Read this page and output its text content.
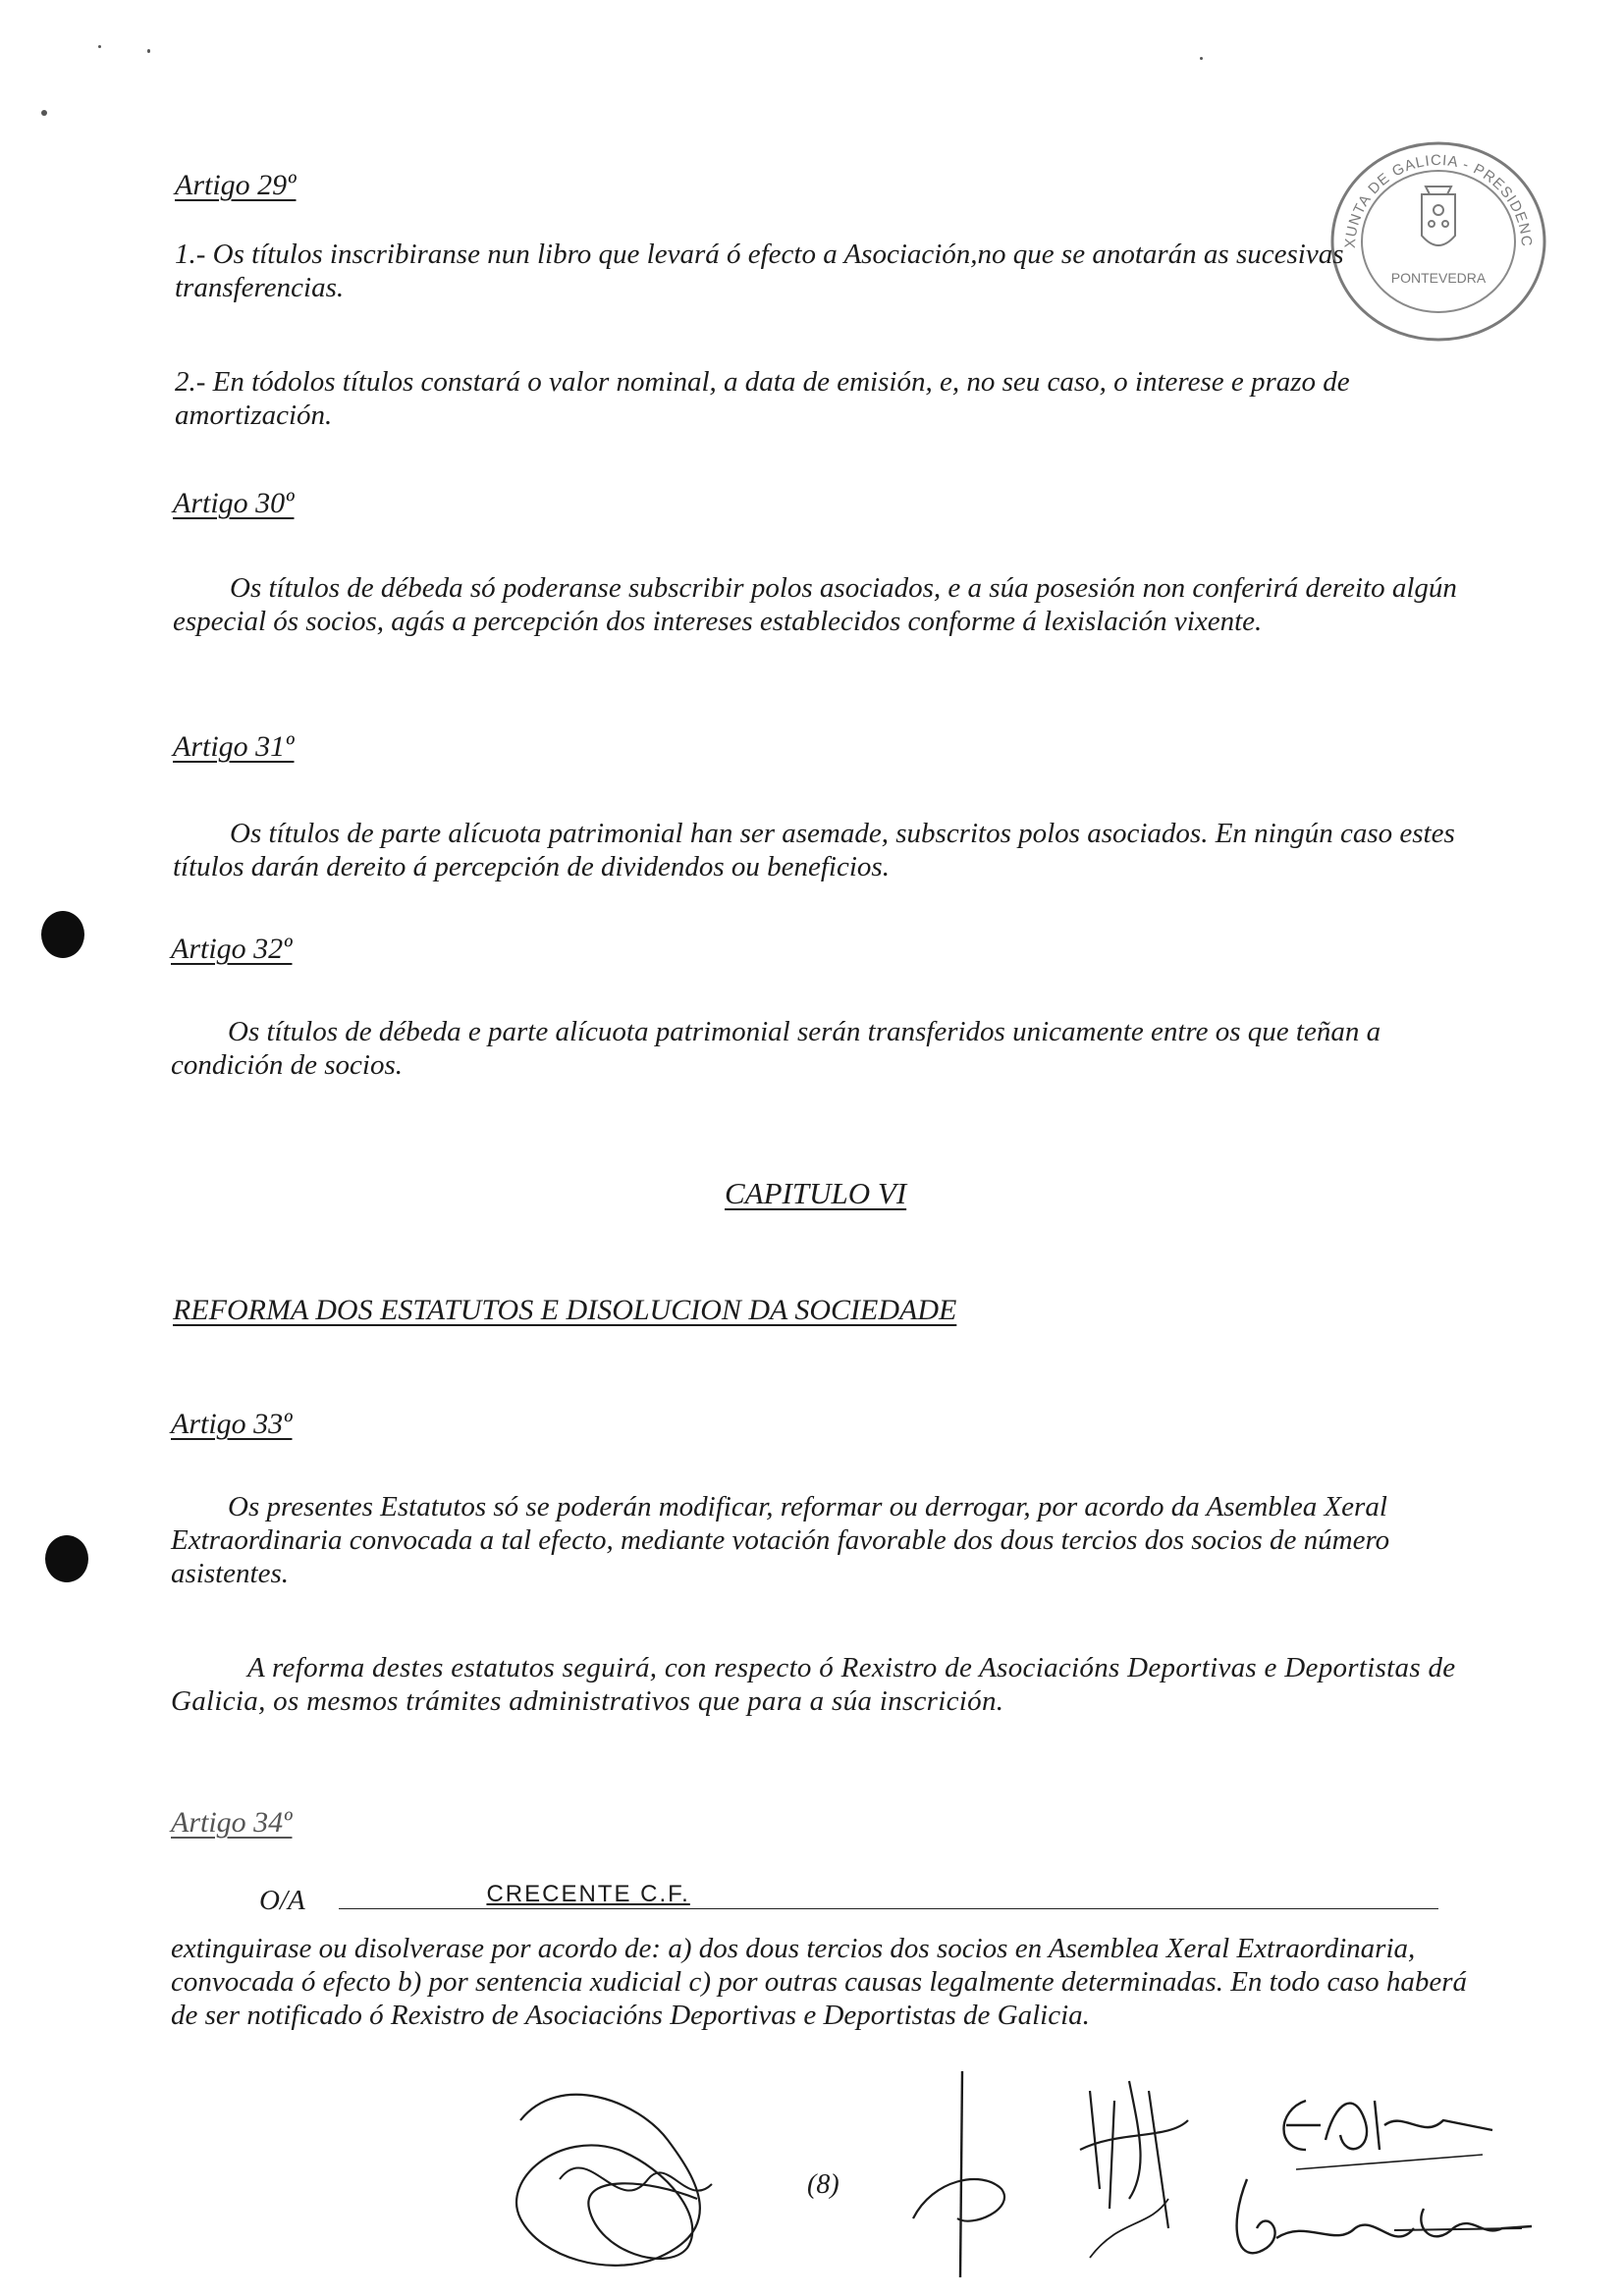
XUNTA DE GALICIA - PRESIDENCIA - SECRETARIA XERAL PARA O DEPORTE - SERVICIO PROVINCIAL
PONTEVEDRA
Artigo 29º
1.- Os títulos inscribiranse nun libro que levará ó efecto a Asociación,no que se anotarán as sucesivas transferencias.
2.- En tódolos títulos constará o valor nominal, a data de emisión, e, no seu caso, o interese e prazo de amortización.
Artigo 30º
Os títulos de débeda só poderanse subscribir polos asociados, e a súa posesión non conferirá dereito algún especial ós socios, agás a percepción dos intereses establecidos conforme á lexislación vixente.
Artigo 31º
Os títulos de parte alícuota patrimonial han ser asemade, subscritos polos asociados. En ningún caso estes títulos darán dereito á percepción de dividendos ou beneficios.
Artigo 32º
Os títulos de débeda e parte alícuota patrimonial serán transferidos unicamente entre os que teñan a condición de socios.
CAPITULO VI
REFORMA DOS ESTATUTOS E DISOLUCION DA SOCIEDADE
Artigo 33º
Os presentes Estatutos só se poderán modificar, reformar ou derrogar, por acordo da Asemblea Xeral Extraordinaria convocada a tal efecto, mediante votación favorable dos dous tercios dos socios de número asistentes.
A reforma destes estatutos seguirá, con respecto ó Rexistro de Asociacións Deportivas e Deportistas de Galicia, os mesmos trámites administrativos que para a súa inscrición.
Artigo 34º
O/A	CRECENTE C.F.
extinguirase ou disolverase por acordo de: a) dos dous tercios dos socios en Asemblea Xeral Extraordinaria, convocada ó efecto b) por sentencia xudicial c) por outras causas legalmente determinadas. En todo caso haberá de ser notificado ó Rexistro de Asociacións Deportivas e Deportistas de Galicia.
(8)
